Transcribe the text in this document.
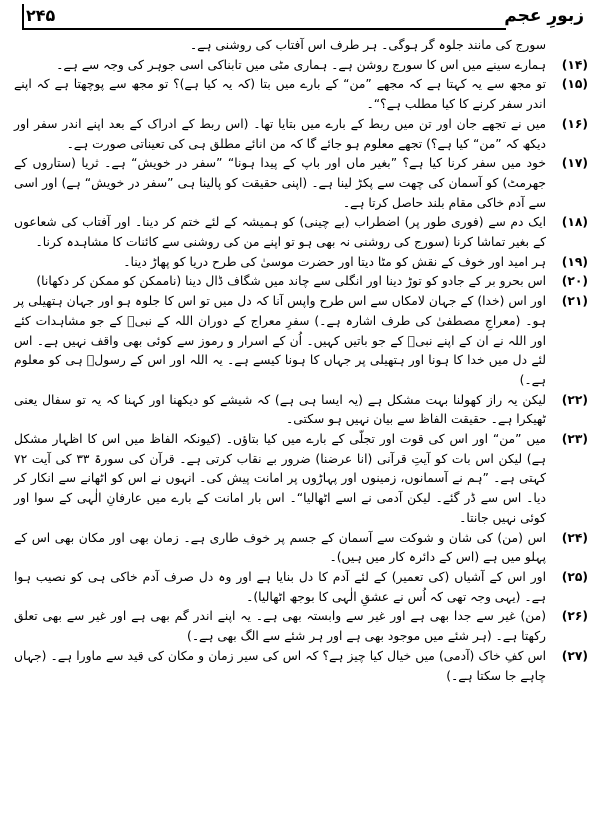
۲۴۵	زبورِ عجم
سورج کی مانند جلوہ گر ہوگی۔ ہر طرف اس آفتاب کی روشنی ہے۔
(۱۴)
ہمارے سینے میں اس کا سورج روشن ہے۔ ہماری مٹی میں تابناکی اسی جوہر کی وجہ سے ہے۔
(۱۵)
تو مجھ سے یہ کہتا ہے کہ مجھے ”من“ کے بارے میں بتا (کہ یہ کیا ہے)؟ تو مجھ سے پوچھتا ہے کہ اپنے اندر سفر کرنے کا کیا مطلب ہے؟“۔
(۱۶)
میں نے تجھے جان اور تن میں ربط کے بارے میں بتایا تھا۔ (اس ربط کے ادراک کے بعد اپنے اندر سفر اور دیکھ کہ ”من“ کیا ہے؟) تجھے معلوم ہو جائے گا کہ من انائے مطلق ہی کی تعیناتی صورت ہے۔
(۱۷)
خود میں سفر کرنا کیا ہے؟ ”بغیر ماں اور باپ کے پیدا ہونا“ ”سفر در خویش“ ہے۔ ثریا (ستاروں کے جھرمٹ) کو آسمان کی چھت سے پکڑ لینا ہے۔ (اپنی حقیقت کو پالینا ہی ”سفر در خویش“ ہے) اور اسی سے آدم خاکی مقام بلند حاصل کرتا ہے۔
(۱۸)
ایک دم سے (فوری طور پر) اضطراب (بے چینی) کو ہمیشہ کے لئے ختم کر دینا۔ اور آفتاب کی شعاعوں کے بغیر تماشا کرنا (سورج کی روشنی نہ بھی ہو تو اپنے من کی روشنی سے کائنات کا مشاہدہ کرنا۔
(۱۹)
ہر امید اور خوف کے نقش کو مٹا دیتا اور حضرت موسیٰ کی طرح دریا کو پھاڑ دینا۔
(۲۰)
اس بحرو بر کے جادو کو توڑ دینا اور انگلی سے چاند میں شگاف ڈال دینا (ناممکن کو ممکن کر دکھانا)
(۲۱)
اور اس (خدا) کے جہان لامکاں سے اس طرح واپس آنا کہ دل میں تو اس کا جلوہ ہو اور جہان ہتھیلی پر ہو۔ (معراجِ مصطفیٰ کی طرف اشارہ ہے۔) سفرِ معراج کے دوران اللہ کے نبیؐ کے جو مشاہدات کئے اور اللہ نے ان کے اپنے نبیؐ کے جو باتیں کہیں۔ اُن کے اسرار و رموز سے کوئی بھی واقف نہیں ہے۔ اس لئے دل میں خدا کا ہونا اور ہتھیلی پر جہاں کا ہونا کیسے ہے۔ یہ اللہ اور اس کے رسولؐ ہی کو معلوم ہے۔)
(۲۲)
لیکن یہ راز کھولنا بہت مشکل ہے (یہ ایسا ہی ہے) کہ شیشے کو دیکھنا اور کہنا کہ یہ تو سفال یعنی ٹھیکرا ہے۔ حقیقت الفاظ سے بیان نہیں ہو سکتی۔
(۲۳)
میں ”من“ اور اس کی قوت اور تجلّی کے بارے میں کیا بتاؤں۔ (کیونکہ الفاظ میں اس کا اظہار مشکل ہے) لیکن اس بات کو آیتِ قرآنی (انا عرضنا) ضرور بے نقاب کرتی ہے۔ قرآن کی سورۃ ۳۳ کی آیت ۷۲ کہتی ہے۔ ”ہم نے آسمانوں، زمینوں اور پہاڑوں پر امانت پیش کی۔ انہوں نے اس کو اٹھانے سے انکار کر دیا۔ اس سے ڈر گئے۔ لیکن آدمی نے اسے اٹھالیا“۔ اس بار امانت کے بارے میں عارفانِ الٰہی کے سوا اور کوئی نہیں جانتا۔
(۲۴)
اس (من) کی شان و شوکت سے آسمان کے جسم پر خوف طاری ہے۔ زمان بھی اور مکان بھی اس کے پہلو میں ہے (اس کے دائرہ کار میں ہیں)۔
(۲۵)
اور اس کے آشیاں (کی تعمیر) کے لئے آدم کا دل بنایا ہے اور وہ دل صرف آدم خاکی ہی کو نصیب ہوا ہے۔ (یہی وجہ تھی کہ اُس نے عشقِ الٰہی کا بوجھ اٹھالیا)۔
(۲۶)
(من) غیر سے جدا بھی ہے اور غیر سے وابستہ بھی ہے۔ یہ اپنے اندر گم بھی ہے اور غیر سے بھی تعلق رکھتا ہے۔ (ہر شئے میں موجود بھی ہے اور ہر شئے سے الگ بھی ہے۔)
(۲۷)
اس کفِ خاک (آدمی) میں خیال کیا چیز ہے؟ کہ اس کی سیر زمان و مکان کی قید سے ماورا ہے۔ (جہاں چاہے جا سکتا ہے۔)
